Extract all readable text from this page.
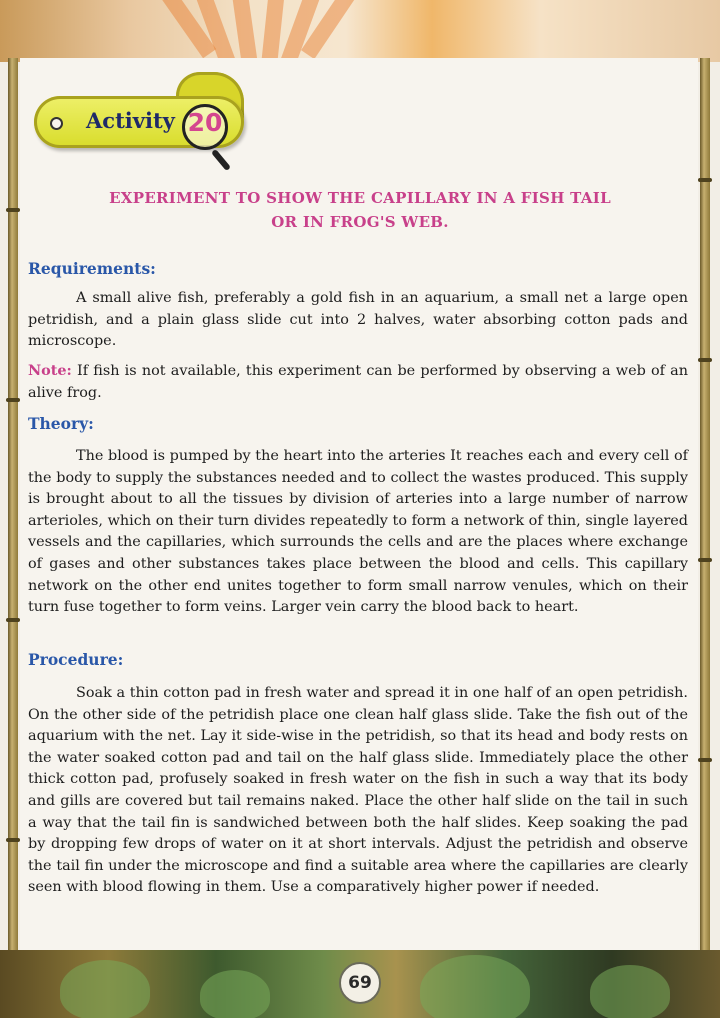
Activity 20
EXPERIMENT TO SHOW THE CAPILLARY IN A FISH TAIL
OR IN FROG'S WEB.
Requirements:

A small alive fish, preferably a gold fish in an aquarium, a small net a large open petridish, and a plain glass slide cut into 2 halves, water absorbing cotton pads and microscope.

Note: If fish is not available, this experiment can be performed by observing a web of an alive frog.

Theory:

The blood is pumped by the heart into the arteries It reaches each and every cell of the body to supply the substances needed and to collect the wastes produced. This supply is brought about to all the tissues by division of arteries into a large number of narrow arterioles, which on their turn divides repeatedly to form a network of thin, single layered vessels and the capillaries, which surrounds the cells and are the places where exchange of gases and other substances takes place between the blood and cells. This capillary network on the other end unites together to form small narrow venules, which on their turn fuse together to form veins. Larger vein carry the blood back to heart.

Procedure:

Soak a thin cotton pad in fresh water and spread it in one half of an open petridish. On the other side of the petridish place one clean half glass slide. Take the fish out of the aquarium with the net. Lay it side-wise in the petridish, so that its head and body rests on the water soaked cotton pad and tail on the half glass slide. Immediately place the other thick cotton pad, profusely soaked in fresh water on the fish in such a way that its body and gills are covered but tail remains naked. Place the other half slide on the tail in such a way that the tail fin is sandwiched between both the half slides. Keep soaking the pad by dropping few drops of water on it at short intervals. Adjust the petridish and observe the tail fin under the microscope and find a suitable area where the capillaries are clearly seen with blood flowing in them. Use a comparatively higher power if needed.

69
